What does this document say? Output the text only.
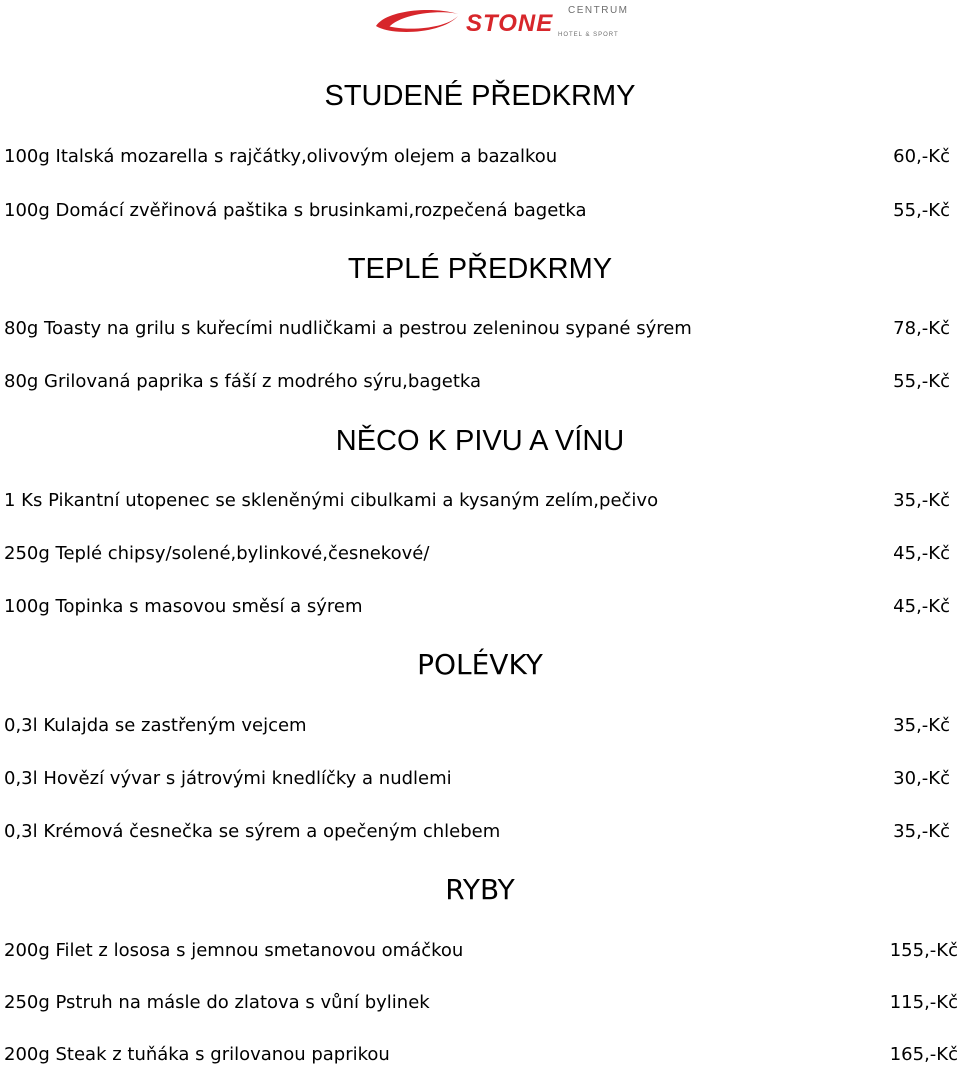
CENTRUM
STONE HOTEL & SPORT
STUDENÉ PŘEDKRMY
100g Italská mozarella s rajčátky,olivovým olejem a bazalkou	60,-Kč
100g Domácí zvěřinová paštika s brusinkami,rozpečená bagetka	55,-Kč
TEPLÉ PŘEDKRMY
80g Toasty na grilu s kuřecími nudličkami a pestrou zeleninou sypané sýrem	78,-Kč
80g Grilovaná paprika s fáší z modrého sýru,bagetka	55,-Kč
NĚCO K PIVU A VÍNU
1 Ks Pikantní utopenec se skleněnými cibulkami a kysaným zelím,pečivo	35,-Kč
250g Teplé chipsy/solené,bylinkové,česnekové/	45,-Kč
100g Topinka s masovou směsí a sýrem	45,-Kč
POLÉVKY
0,3l Kulajda se zastřeným vejcem	35,-Kč
0,3l Hovězí vývar s játrovými knedlíčky a nudlemi	30,-Kč
0,3l Krémová česnečka se sýrem a opečeným chlebem	35,-Kč
RYBY
200g Filet z lososa s jemnou smetanovou omáčkou	155,-Kč
250g Pstruh na másle do zlatova s vůní bylinek	115,-Kč
200g Steak z tuňáka s grilovanou paprikou	165,-Kč
